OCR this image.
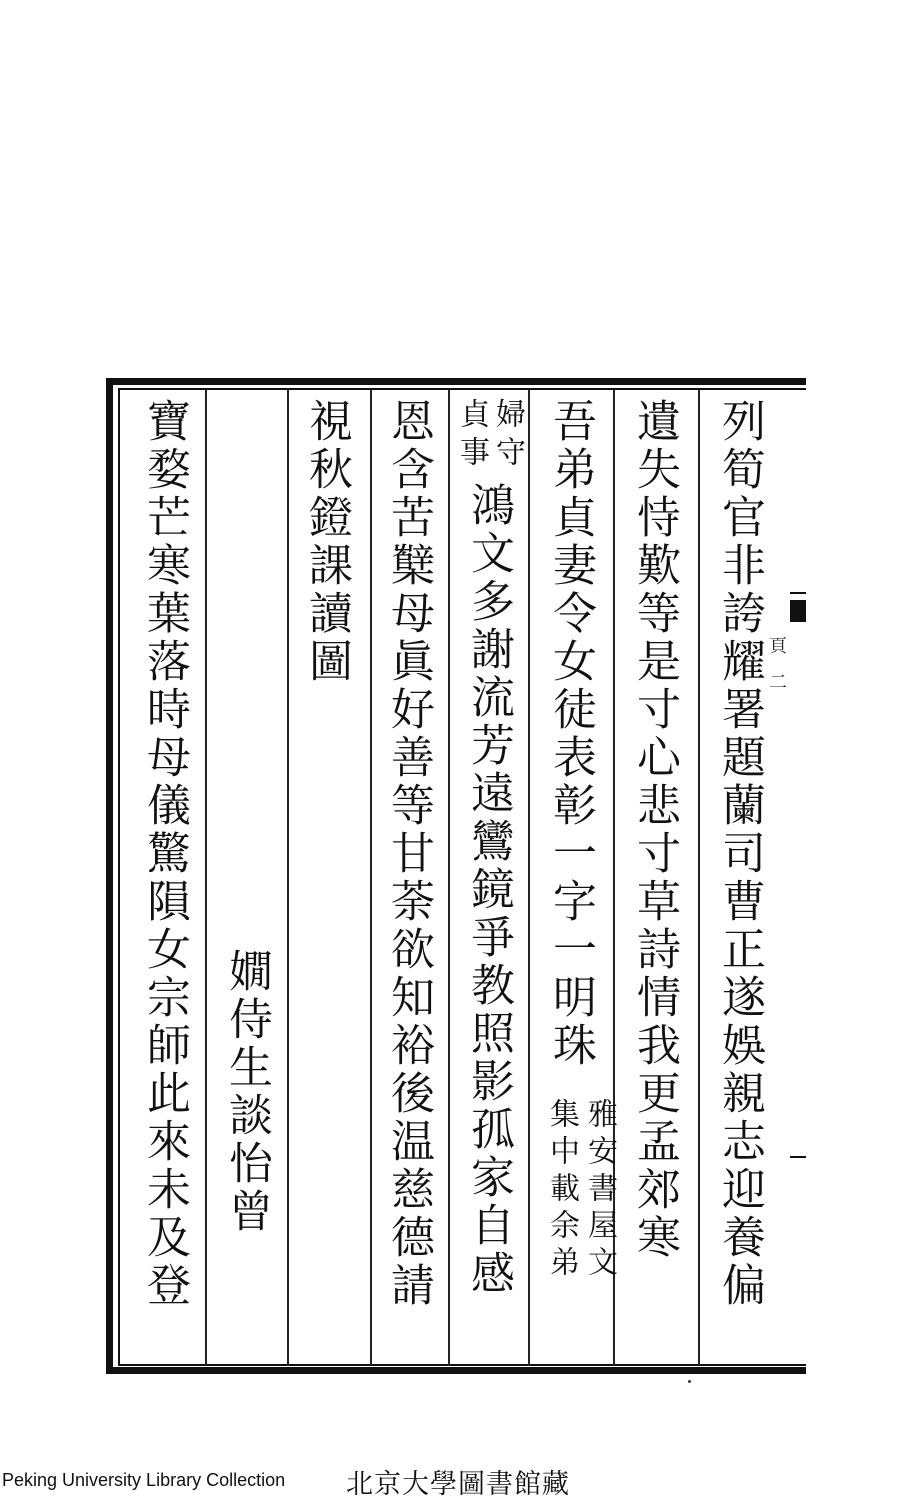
頁　二
列筍官非誇耀署題蘭司曹正遂娛親志迎養偏
遺失恃歎等是寸心悲寸草詩情我更孟郊寒
吾弟貞妻令女徒表彰一字一明珠
雅安書屋文
集中載余弟
婦守
貞事
鴻文多謝流芳遠鸞鏡爭教照影孤家自感
恩含苦櫱母眞好善等甘荼欲知裕後温慈德請
視秋鐙課讀圖
嫺侍生談怡曾
寶婺芒寒葉落時母儀驚隕女宗師此來未及登
Peking University Library Collection 北京大學圖書館藏
